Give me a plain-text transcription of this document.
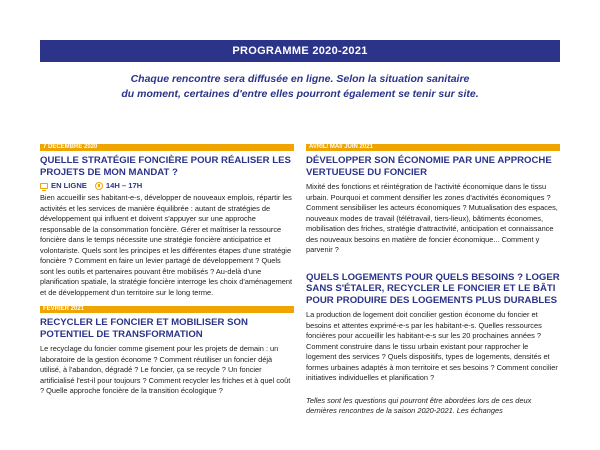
PROGRAMME 2020-2021
Chaque rencontre sera diffusée en ligne. Selon la situation sanitaire
du moment, certaines d'entre elles pourront également se tenir sur site.
7 DÉCEMBRE 2020
QUELLE STRATÉGIE FONCIÈRE POUR RÉALISER LES PROJETS DE MON MANDAT ?
EN LIGNE	14H – 17H

Bien accueillir ses habitant-e-s, développer de nouveaux emplois, répartir les activités et les services de manière équilibrée : autant de stratégies de développement qui influent et doivent s'appuyer sur une approche responsable de la consommation foncière. Gérer et maîtriser la ressource foncière dans le temps nécessite une stratégie foncière anticipatrice et volontariste. Quels sont les principes et les différentes étapes d'une stratégie foncière ? Comment en faire un levier partagé de développement ? Quels sont les outils et partenaires pouvant être mobilisés ? Au-delà d'une planification spatiale, la stratégie foncière interroge les choix d'aménagement et de développement d'un territoire sur le long terme.

FÉVRIER 2021
RECYCLER LE FONCIER ET MOBILISER SON POTENTIEL DE TRANSFORMATION

Le recyclage du foncier comme gisement pour les projets de demain : un laboratoire de la gestion économe ? Comment réutiliser un foncier déjà utilisé, à l'abandon, dégradé ? Le foncier, ça se recycle ? Un foncier artificialisé l'est-il pour toujours ? Comment recycler les friches et à quel coût ? Quelle approche foncière de la transition écologique ?

AVRIL/ MAI/ JUIN 2021
DÉVELOPPER SON ÉCONOMIE PAR UNE APPROCHE VERTUEUSE DU FONCIER

Mixité des fonctions et réintégration de l'activité économique dans le tissu urbain. Pourquoi et comment densifier les zones d'activités économiques ? Comment sensibiliser les acteurs économiques ? Mutualisation des espaces, nouveaux modes de travail (télétravail, tiers-lieux), bâtiments économes, mobilisation des friches, stratégie d'attractivité, anticipation et connaissance des nouveaux besoins en matière de foncier économique... Comment y parvenir ?

QUELS LOGEMENTS POUR QUELS BESOINS ? LOGER SANS S'ÉTALER, RECYCLER LE FONCIER ET LE BÂTI POUR PRODUIRE DES LOGEMENTS PLUS DURABLES

La production de logement doit concilier gestion économe du foncier et besoins et attentes exprimé-e-s par les habitant-e-s. Quelles ressources foncières pour accueillir les habitant-e-s sur les 20 prochaines années ? Comment construire dans le tissu urbain existant pour rapprocher le logement des services ? Quels dispositifs, types de logements, densités et formes urbaines adaptés à mon territoire et ses besoins ? Comment concilier initiatives individuelles et planification ?

Telles sont les questions qui pourront être abordées lors de ces deux dernières rencontres de la saison 2020-2021. Les échanges
